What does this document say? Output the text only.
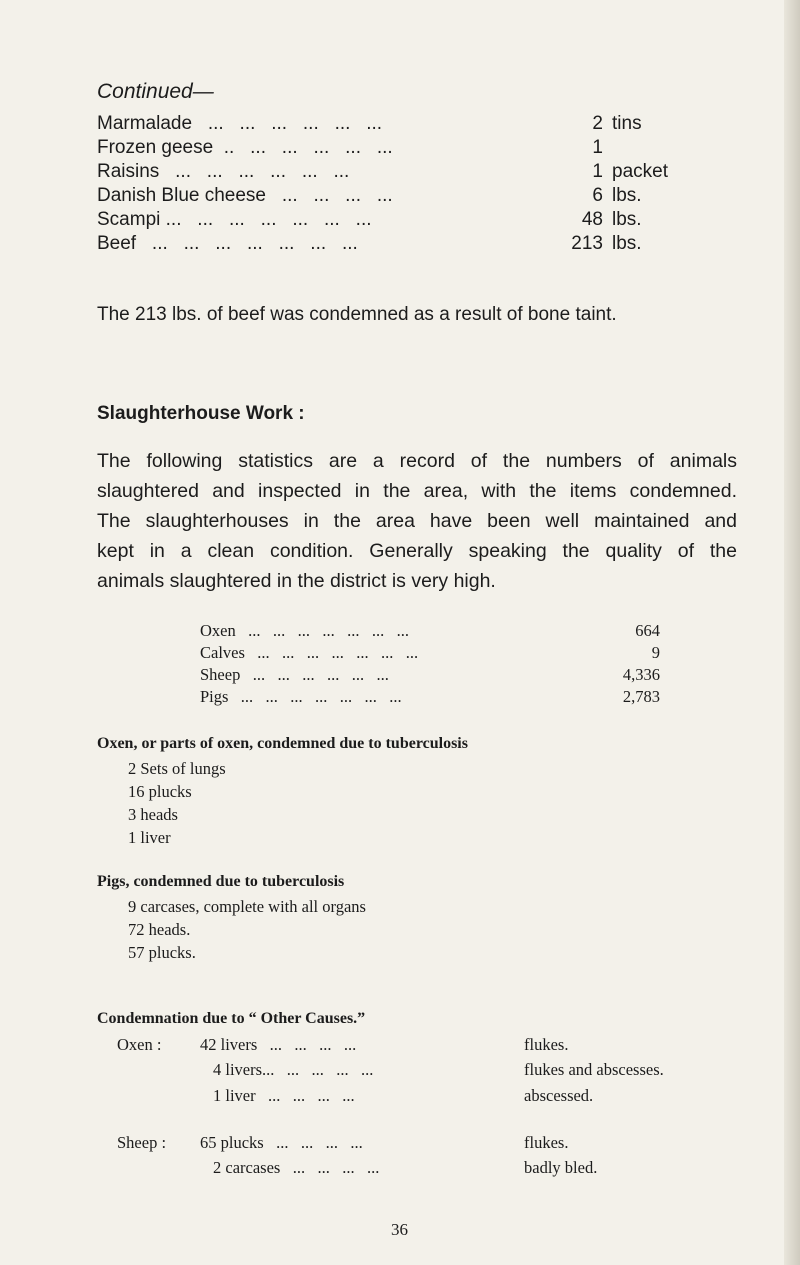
Continued—
Marmalade   ...   ...   ...   ...   ...   ...	2 tins
Frozen geese  ..   ...   ...   ...   ...   ...	1
Raisins   ...   ...   ...   ...   ...   ...	1 packet
Danish Blue cheese   ...   ...   ...   ...	6 lbs.
Scampi ...   ...   ...   ...   ...   ...   ...	48 lbs.
Beef   ...   ...   ...   ...   ...   ...   ...	213 lbs.
The 213 lbs. of beef was condemned as a result of bone taint.
Slaughterhouse Work :

The following statistics are a record of the numbers of animals

slaughtered and inspected in the area, with the items condemned.

The slaughterhouses in the area have been well maintained and

kept in a clean condition. Generally speaking the quality of the

animals slaughtered in the district is very high.

Oxen   ...   ...   ...   ...   ...   ...   ...	664
Calves   ...   ...   ...   ...   ...   ...   ...	9
Sheep   ...   ...   ...   ...   ...   ...	4,336
Pigs   ...   ...   ...   ...   ...   ...   ...	2,783
Oxen, or parts of oxen, condemned due to tuberculosis
2 Sets of lungs
16 plucks
3 heads
1 liver
Pigs, condemned due to tuberculosis
9 carcases, complete with all organs
72 heads.
57 plucks.
Condemnation due to “ Other Causes.”
Oxen : 42 livers   ...   ...   ...   ...	flukes.
4 livers...   ...   ...   ...   ...	flukes and abscesses.
1 liver   ...   ...   ...   ...	abscessed.
Sheep : 65 plucks   ...   ...   ...   ...	flukes.
2 carcases   ...   ...   ...   ...	badly bled.
36
